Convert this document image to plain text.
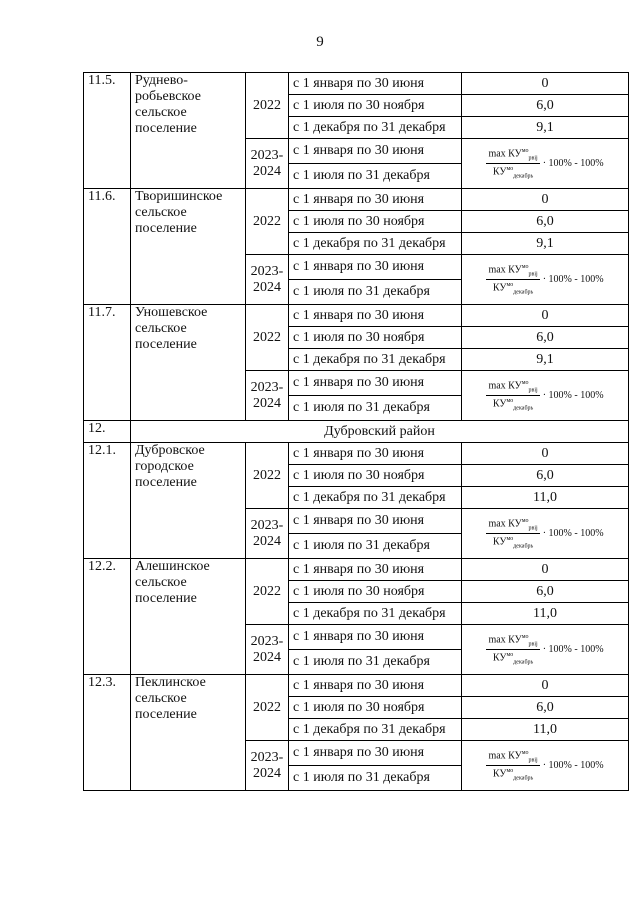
9
11.5.	Руднево-робьевское сельское поселение	2022	с 1 января по 30 июня	0
			с 1 июля по 30 ноября	6,0
			с 1 декабря по 31 декабря	9,1
		2023-2024	с 1 января по 30 июня	$\frac{\max КУ^{мо}_{рвij}}{КУ^{мо}_{декабрь}} \cdot 100\% - 100\%$

			с 1 июля по 31 декабря	
11.6.	Творишинское сельское поселение	2022	с 1 января по 30 июня	0
			с 1 июля по 30 ноября	6,0
			с 1 декабря по 31 декабря	9,1
		2023-2024	с 1 января по 30 июня	$\frac{\max КУ^{мо}_{рвij}}{КУ^{мо}_{декабрь}} \cdot 100\% - 100\%$

			с 1 июля по 31 декабря	
11.7.	Уношевское сельское поселение	2022	с 1 января по 30 июня	0
			с 1 июля по 30 ноября	6,0
			с 1 декабря по 31 декабря	9,1
		2023-2024	с 1 января по 30 июня	$\frac{\max КУ^{мо}_{рвij}}{КУ^{мо}_{декабрь}} \cdot 100\% - 100\%$

			с 1 июля по 31 декабря	
12.	Дубровский район			
12.1.	Дубровское городское поселение	2022	с 1 января по 30 июня	0
			с 1 июля по 30 ноября	6,0
			с 1 декабря по 31 декабря	11,0
		2023-2024	с 1 января по 30 июня	$\frac{\max КУ^{мо}_{рвij}}{КУ^{мо}_{декабрь}} \cdot 100\% - 100\%$

			с 1 июля по 31 декабря	
12.2.	Алешинское сельское поселение	2022	с 1 января по 30 июня	0
			с 1 июля по 30 ноября	6,0
			с 1 декабря по 31 декабря	11,0
		2023-2024	с 1 января по 30 июня	$\frac{\max КУ^{мо}_{рвij}}{КУ^{мо}_{декабрь}} \cdot 100\% - 100\%$

			с 1 июля по 31 декабря	
12.3.	Пеклинское сельское поселение	2022	с 1 января по 30 июня	0
			с 1 июля по 30 ноября	6,0
			с 1 декабря по 31 декабря	11,0
		2023-2024	с 1 января по 30 июня	$\frac{\max КУ^{мо}_{рвij}}{КУ^{мо}_{декабрь}} \cdot 100\% - 100\%$

			с 1 июля по 31 декабря	
